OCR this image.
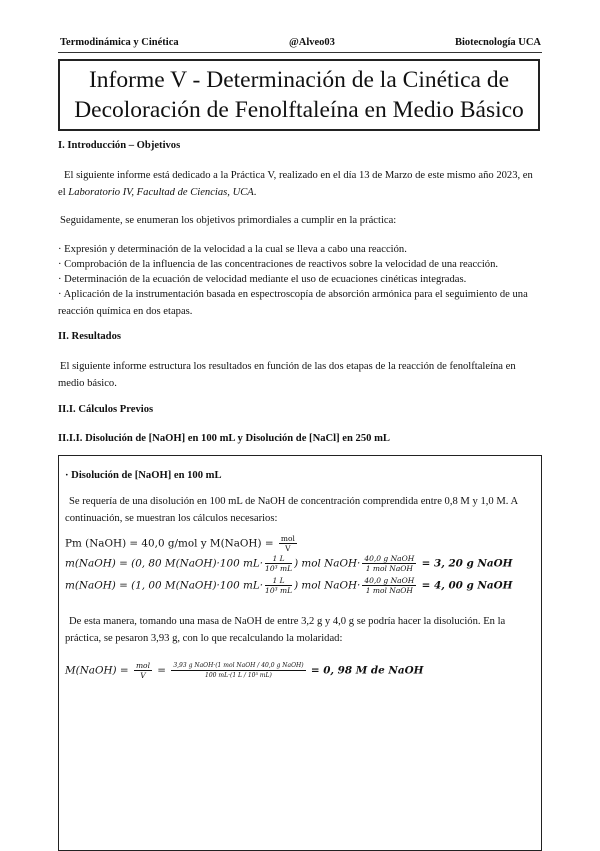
Termodinámica y Cinética	@Alveo03	Biotecnología UCA
Informe V - Determinación de la Cinética de
Decoloración de Fenolftaleína en Medio Básico
I. Introducción – Objetivos
El siguiente informe está dedicado a la Práctica V, realizado en el día 13 de Marzo de este mismo año 2023, en el Laboratorio IV, Facultad de Ciencias, UCA.
Seguidamente, se enumeran los objetivos primordiales a cumplir en la práctica:
· Expresión y determinación de la velocidad a la cual se lleva a cabo una reacción.
· Comprobación de la influencia de las concentraciones de reactivos sobre la velocidad de una reacción.
· Determinación de la ecuación de velocidad mediante el uso de ecuaciones cinéticas integradas.
· Aplicación de la instrumentación basada en espectroscopía de absorción armónica para el seguimiento de una reacción química en dos etapas.
II. Resultados
El siguiente informe estructura los resultados en función de las dos etapas de la reacción de fenolftaleína en medio básico.
II.I. Cálculos Previos
II.I.I. Disolución de [NaOH] en 100 mL y Disolución de [NaCl] en 250 mL
· Disolución de [NaOH] en 100 mL
Se requería de una disolución en 100 mL de NaOH de concentración comprendida entre 0,8 M y 1,0 M. A continuación, se muestran los cálculos necesarios:
Pm (NaOH) = 40,0 g/mol y M(NaOH) = $\frac{\text{mol}}{V}$
m(NaOH) = (0, 80 M(NaOH)·100 $mL\cdot \frac{1 L}{\text{10³ mL}}$ ) mol NaOH· $\frac{\text{40,0 g NaOH}}{\text{1 mol NaOH}} = 3$, 20 g NaOH
m(NaOH) = (1, 00 M(NaOH)·100 $mL\cdot \frac{1 L}{\text{10³ mL}}$ ) mol NaOH· $\frac{\text{40,0 g NaOH}}{\text{1 mol NaOH}} = 4$, 00 g NaOH
De esta manera, tomando una masa de NaOH de entre 3,2 g y 4,0 g se podría hacer la disolución. En la práctica, se pesaron 3,93 g, con lo que recalculando la molaridad:
M(NaOH) = $\frac{\text{mol}}{V} = \frac{\text{3,93 g NaOH·(1 mol NaOH / 40,0 g NaOH)}}{\text{100 mL·(1 L / 10³ mL)}} = 0$, 98 M de NaOH
